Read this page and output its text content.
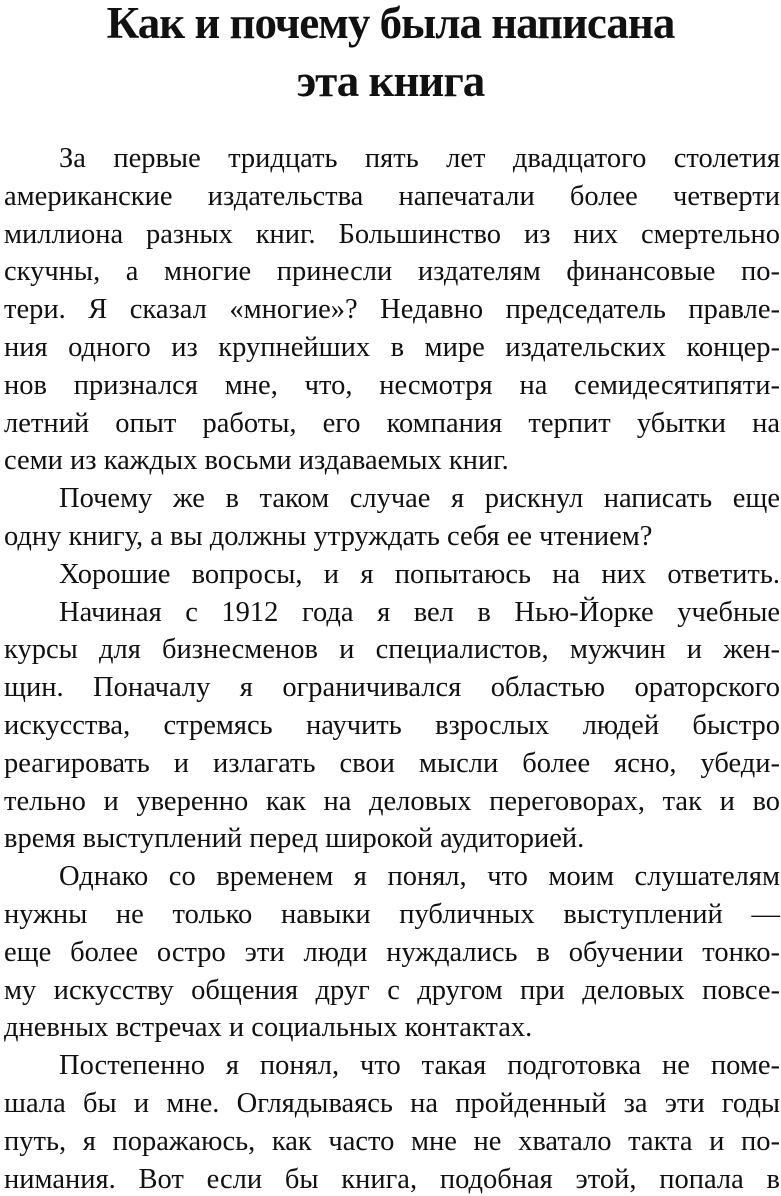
Как и почему была написана
эта книга
За первые тридцать пять лет двадцатого столетия
американские издательства напечатали более четверти
миллиона разных книг. Большинство из них смертельно
скучны, а многие принесли издателям финансовые по-
тери. Я сказал «многие»? Недавно председатель правле-
ния одного из крупнейших в мире издательских концер-
нов признался мне, что, несмотря на семидесятипяти-
летний опыт работы, его компания терпит убытки на
семи из каждых восьми издаваемых книг.
Почему же в таком случае я рискнул написать еще
одну книгу, а вы должны утруждать себя ее чтением?
Хорошие вопросы, и я попытаюсь на них ответить.
Начиная с 1912 года я вел в Нью-Йорке учебные
курсы для бизнесменов и специалистов, мужчин и жен-
щин. Поначалу я ограничивался областью ораторского
искусства, стремясь научить взрослых людей быстро
реагировать и излагать свои мысли более ясно, убеди-
тельно и уверенно как на деловых переговорах, так и во
время выступлений перед широкой аудиторией.
Однако со временем я понял, что моим слушателям
нужны не только навыки публичных выступлений —
еще более остро эти люди нуждались в обучении тонко-
му искусству общения друг с другом при деловых повсе-
дневных встречах и социальных контактах.
Постепенно я понял, что такая подготовка не поме-
шала бы и мне. Оглядываясь на пройденный за эти годы
путь, я поражаюсь, как часто мне не хватало такта и по-
нимания. Вот если бы книга, подобная этой, попала в
